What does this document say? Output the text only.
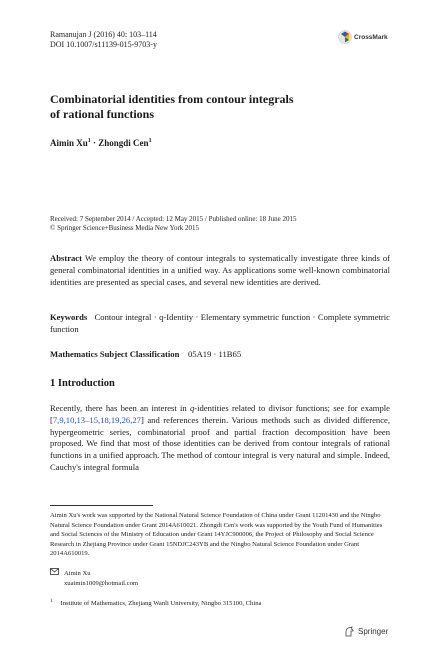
Ramanujan J (2016) 40: 103–114
DOI 10.1007/s11139-015-9703-y
CrossMark
Combinatorial identities from contour integrals
of rational functions
Aimin $Xu^1$ · Zhongdi Cen$^1$
Received: 7 September 2014 / Accepted: 12 May 2015 / Published online: 18 June 2015
© Springer Science+Business Media New York 2015
Abstract We employ the theory of contour integrals to systematically investigate three kinds of general combinatorial identities in a unified way. As applications some well-known combinatorial identities are presented as special cases, and several new identities are derived.
Keywords Contour integral · q-Identity · Elementary symmetric function · Complete symmetric function
Mathematics Subject Classification 05A19 · 11B65
1 Introduction
Recently, there has been an interest in q-identities related to divisor functions; see for example [7,9,10,13–15,18,19,26,27] and references therein. Various methods such as divided difference, hypergeometric series, combinatorial proof and partial fraction decomposition have been proposed. We find that most of those identities can be derived from contour integrals of rational functions in a unified approach. The method of contour integral is very natural and simple. Indeed, Cauchy's integral formula
Aimin Xu's work was supported by the National Natural Science Foundation of China under Grant 11201430 and the Ningbo Natural Science Foundation under Grant 2014A610021. Zhongdi Cen's work was supported by the Youth Fund of Humanities and Social Sciences of the Ministry of Education under Grant 14YJC900006, the Project of Philosophy and Social Science Research in Zhejiang Province under Grant 15NDJC243YB and the Ningbo Natural Science Foundation under Grant 2014A610019.
Aimin Xu
xuaimin1009@hotmail.com
$^1$ Institute of Mathematics, Zhejiang Wanli University, Ningbo 315100, China
Springer
